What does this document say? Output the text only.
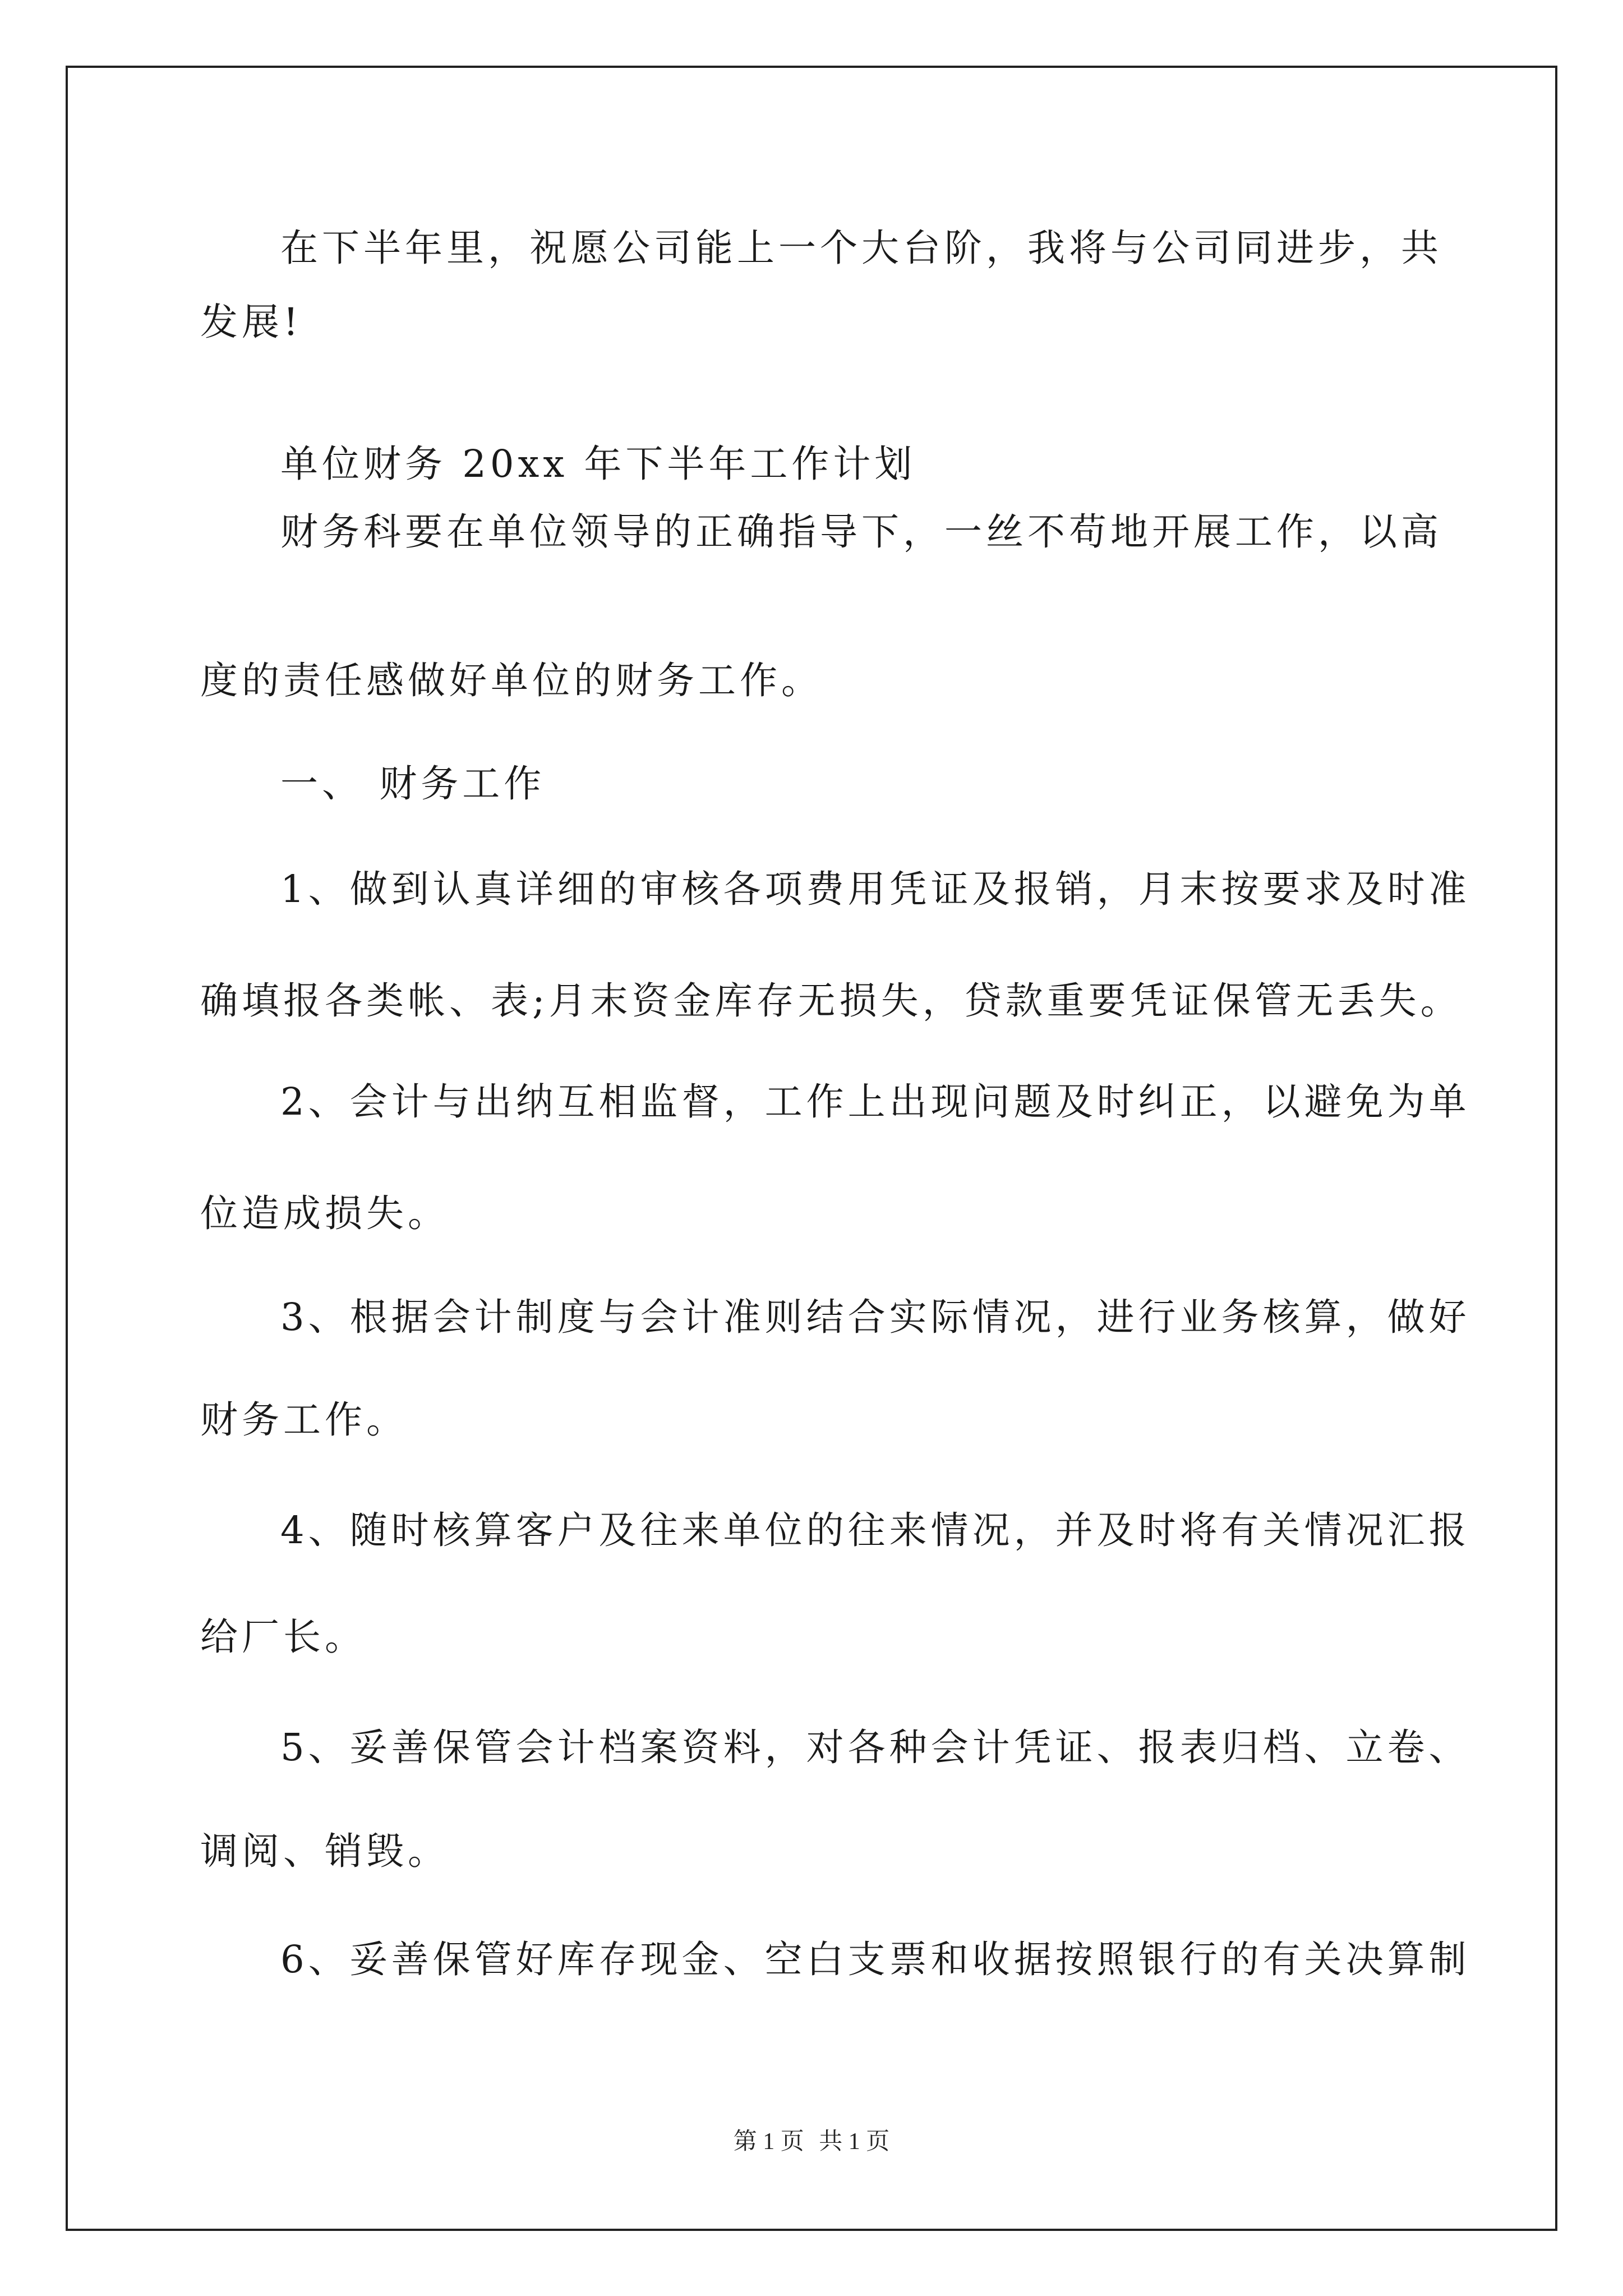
在下半年里，祝愿公司能上一个大台阶，我将与公司同进步，共

发展!

单位财务 20xx 年下半年工作计划

财务科要在单位领导的正确指导下，一丝不苟地开展工作，以高

度的责任感做好单位的财务工作。

一、 财务工作

1、做到认真详细的审核各项费用凭证及报销，月末按要求及时准

确填报各类帐、表;月末资金库存无损失，贷款重要凭证保管无丢失。

2、会计与出纳互相监督，工作上出现问题及时纠正，以避免为单

位造成损失。

3、根据会计制度与会计准则结合实际情况，进行业务核算，做好

财务工作。

4、随时核算客户及往来单位的往来情况，并及时将有关情况汇报

给厂长。

5、妥善保管会计档案资料，对各种会计凭证、报表归档、立卷、

调阅、销毁。

6、妥善保管好库存现金、空白支票和收据按照银行的有关决算制

第 1 页 共 1 页
